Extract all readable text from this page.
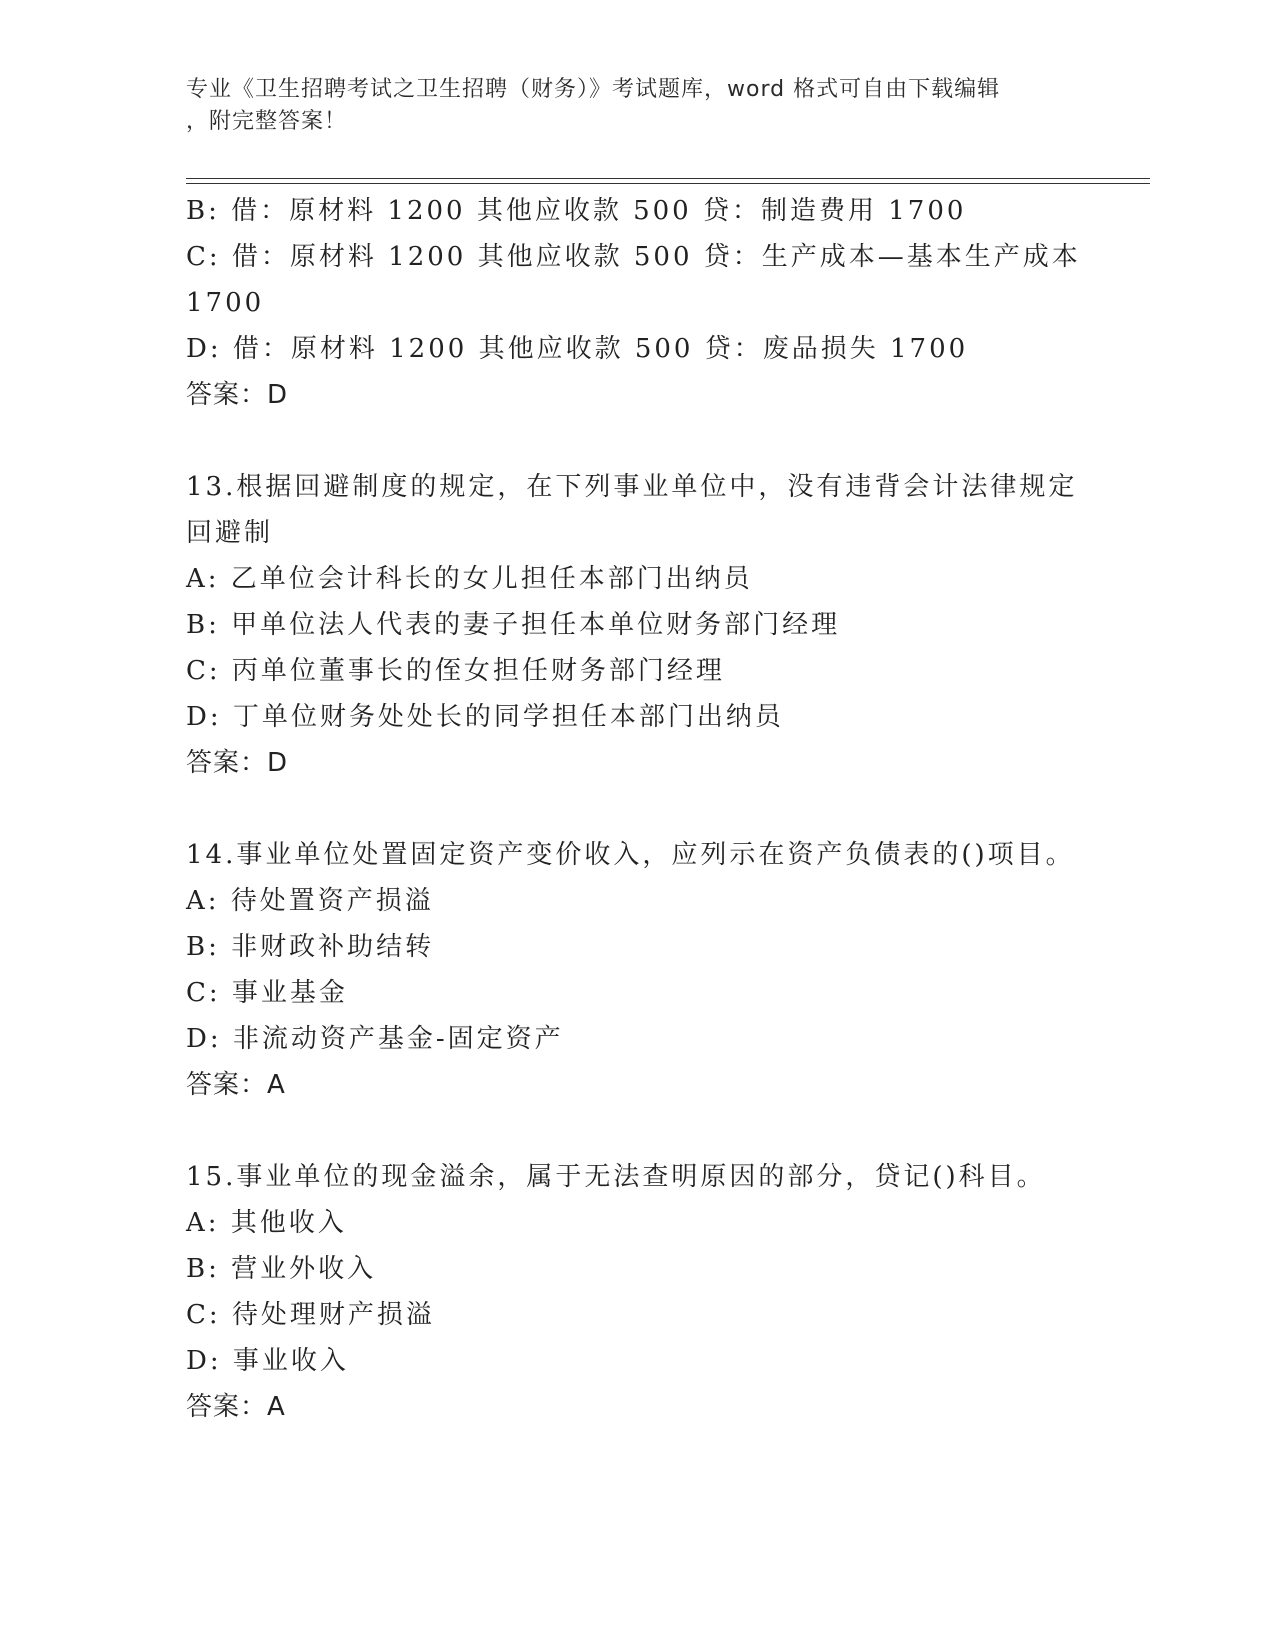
专业《卫生招聘考试之卫生招聘（财务）》考试题库，word 格式可自由下载编辑
，附完整答案！
B: 借：原材料 1200 其他应收款 500 贷：制造费用 1700
C: 借：原材料 1200 其他应收款 500 贷：生产成本—基本生产成本
1700
D: 借：原材料 1200 其他应收款 500 贷：废品损失 1700
答案：D
13.根据回避制度的规定，在下列事业单位中，没有违背会计法律规定
回避制
A: 乙单位会计科长的女儿担任本部门出纳员
B: 甲单位法人代表的妻子担任本单位财务部门经理
C: 丙单位董事长的侄女担任财务部门经理
D: 丁单位财务处处长的同学担任本部门出纳员
答案：D
14.事业单位处置固定资产变价收入，应列示在资产负债表的()项目。
A: 待处置资产损溢
B: 非财政补助结转
C: 事业基金
D: 非流动资产基金-固定资产
答案：A
15.事业单位的现金溢余，属于无法查明原因的部分，贷记()科目。
A: 其他收入
B: 营业外收入
C: 待处理财产损溢
D: 事业收入
答案：A
